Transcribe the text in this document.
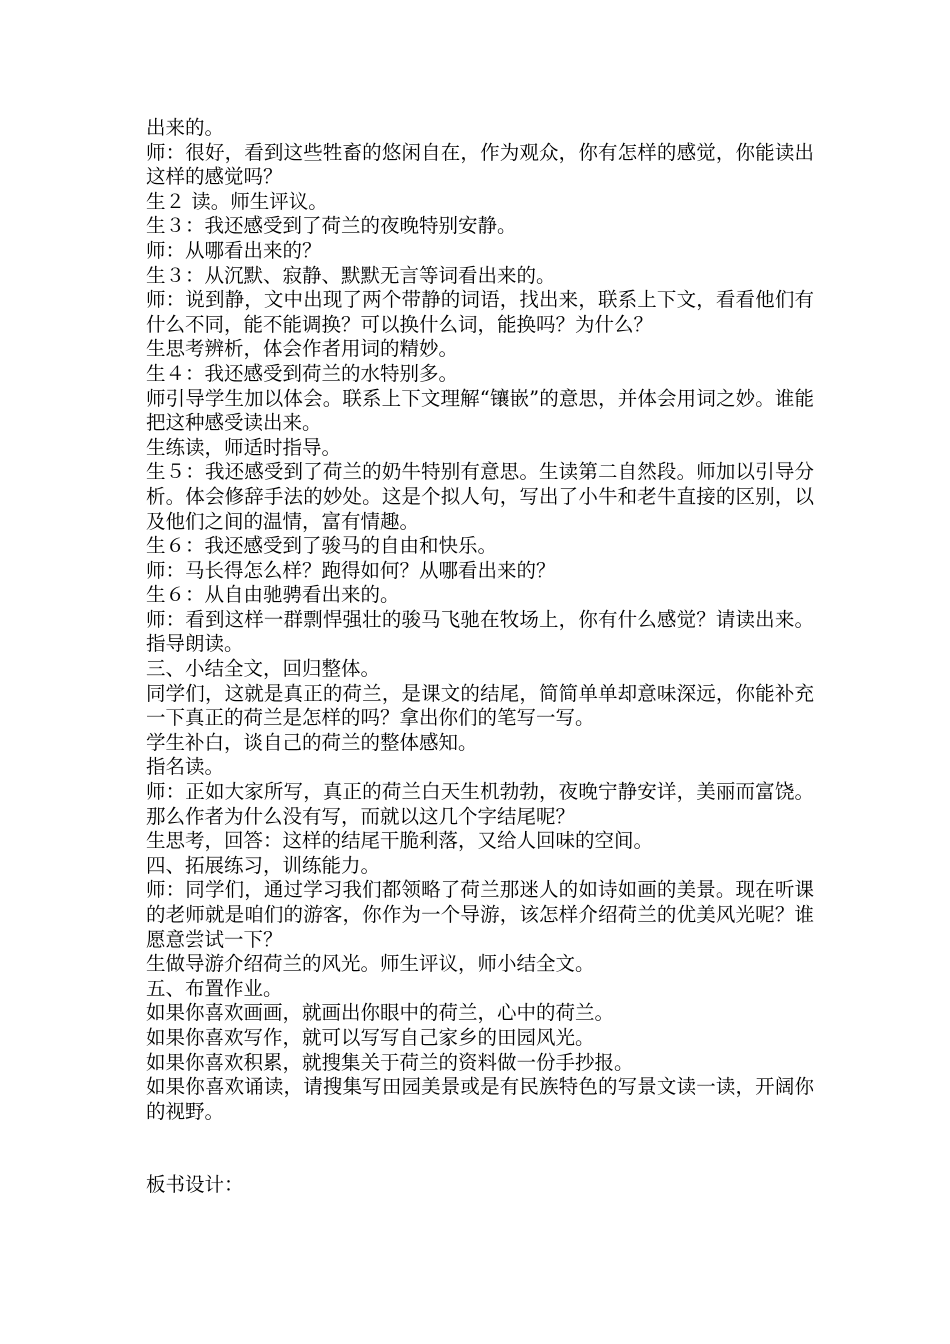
出来的。

师：很好，看到这些牲畜的悠闲自在，作为观众，你有怎样的感觉，你能读出这样的感觉吗？

生２ 读。师生评议。

生３：我还感受到了荷兰的夜晚特别安静。

师：从哪看出来的？

生３：从沉默、寂静、默默无言等词看出来的。

师：说到静，文中出现了两个带静的词语，找出来，联系上下文，看看他们有什么不同，能不能调换？可以换什么词，能换吗？为什么？

生思考辨析，体会作者用词的精妙。

生４：我还感受到荷兰的水特别多。

师引导学生加以体会。联系上下文理解“镶嵌”的意思，并体会用词之妙。谁能把这种感受读出来。

生练读，师适时指导。

生５：我还感受到了荷兰的奶牛特别有意思。生读第二自然段。师加以引导分析。体会修辞手法的妙处。这是个拟人句，写出了小牛和老牛直接的区别，以及他们之间的温情，富有情趣。

生６：我还感受到了骏马的自由和快乐。

师：马长得怎么样？跑得如何？从哪看出来的？

生６：从自由驰骋看出来的。

师：看到这样一群剽悍强壮的骏马飞驰在牧场上，你有什么感觉？请读出来。指导朗读。

三、小结全文，回归整体。

同学们，这就是真正的荷兰，是课文的结尾，简简单单却意味深远，你能补充一下真正的荷兰是怎样的吗？拿出你们的笔写一写。

学生补白，谈自己的荷兰的整体感知。

指名读。

师：正如大家所写，真正的荷兰白天生机勃勃，夜晚宁静安详，美丽而富饶。那么作者为什么没有写，而就以这几个字结尾呢？

生思考，回答：这样的结尾干脆利落，又给人回味的空间。

四、拓展练习，训练能力。

师：同学们，通过学习我们都领略了荷兰那迷人的如诗如画的美景。现在听课的老师就是咱们的游客，你作为一个导游，该怎样介绍荷兰的优美风光呢？谁愿意尝试一下？

生做导游介绍荷兰的风光。师生评议，师小结全文。

五、布置作业。

如果你喜欢画画，就画出你眼中的荷兰，心中的荷兰。

如果你喜欢写作，就可以写写自己家乡的田园风光。

如果你喜欢积累，就搜集关于荷兰的资料做一份手抄报。

如果你喜欢诵读，请搜集写田园美景或是有民族特色的写景文读一读，开阔你的视野。

板书设计：
